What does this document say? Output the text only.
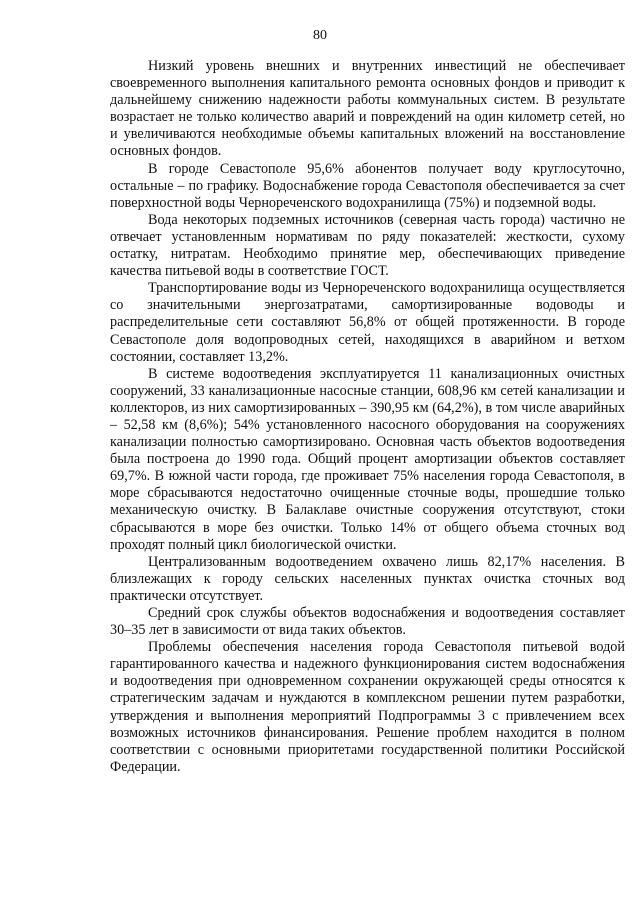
80

Низкий уровень внешних и внутренних инвестиций не обеспечивает своевременного выполнения капитального ремонта основных фондов и приводит к дальнейшему снижению надежности работы коммунальных систем. В результате возрастает не только количество аварий и повреждений на один километр сетей, но и увеличиваются необходимые объемы капитальных вложений на восстановление основных фондов.

В городе Севастополе 95,6% абонентов получает воду круглосуточно, остальные – по графику. Водоснабжение города Севастополя обеспечивается за счет поверхностной воды Чернореченского водохранилища (75%) и подземной воды.

Вода некоторых подземных источников (северная часть города) частично не отвечает установленным нормативам по ряду показателей: жесткости, сухому остатку, нитратам. Необходимо принятие мер, обеспечивающих приведение качества питьевой воды в соответствие ГОСТ.

Транспортирование воды из Чернореченского водохранилища осуществляется со значительными энергозатратами, самортизированные водоводы и распределительные сети составляют 56,8% от общей протяженности. В городе Севастополе доля водопроводных сетей, находящихся в аварийном и ветхом состоянии, составляет 13,2%.

В системе водоотведения эксплуатируется 11 канализационных очистных сооружений, 33 канализационные насосные станции, 608,96 км сетей канализации и коллекторов, из них самортизированных – 390,95 км (64,2%), в том числе аварийных – 52,58 км (8,6%); 54% установленного насосного оборудования на сооружениях канализации полностью самортизировано. Основная часть объектов водоотведения была построена до 1990 года. Общий процент амортизации объектов составляет 69,7%. В южной части города, где проживает 75% населения города Севастополя, в море сбрасываются недостаточно очищенные сточные воды, прошедшие только механическую очистку. В Балаклаве очистные сооружения отсутствуют, стоки сбрасываются в море без очистки. Только 14% от общего объема сточных вод проходят полный цикл биологической очистки.

Централизованным водоотведением охвачено лишь 82,17% населения. В близлежащих к городу сельских населенных пунктах очистка сточных вод практически отсутствует.

Средний срок службы объектов водоснабжения и водоотведения составляет 30–35 лет в зависимости от вида таких объектов.

Проблемы обеспечения населения города Севастополя питьевой водой гарантированного качества и надежного функционирования систем водоснабжения и водоотведения при одновременном сохранении окружающей среды относятся к стратегическим задачам и нуждаются в комплексном решении путем разработки, утверждения и выполнения мероприятий Подпрограммы 3 с привлечением всех возможных источников финансирования. Решение проблем находится в полном соответствии с основными приоритетами государственной политики Российской Федерации.
